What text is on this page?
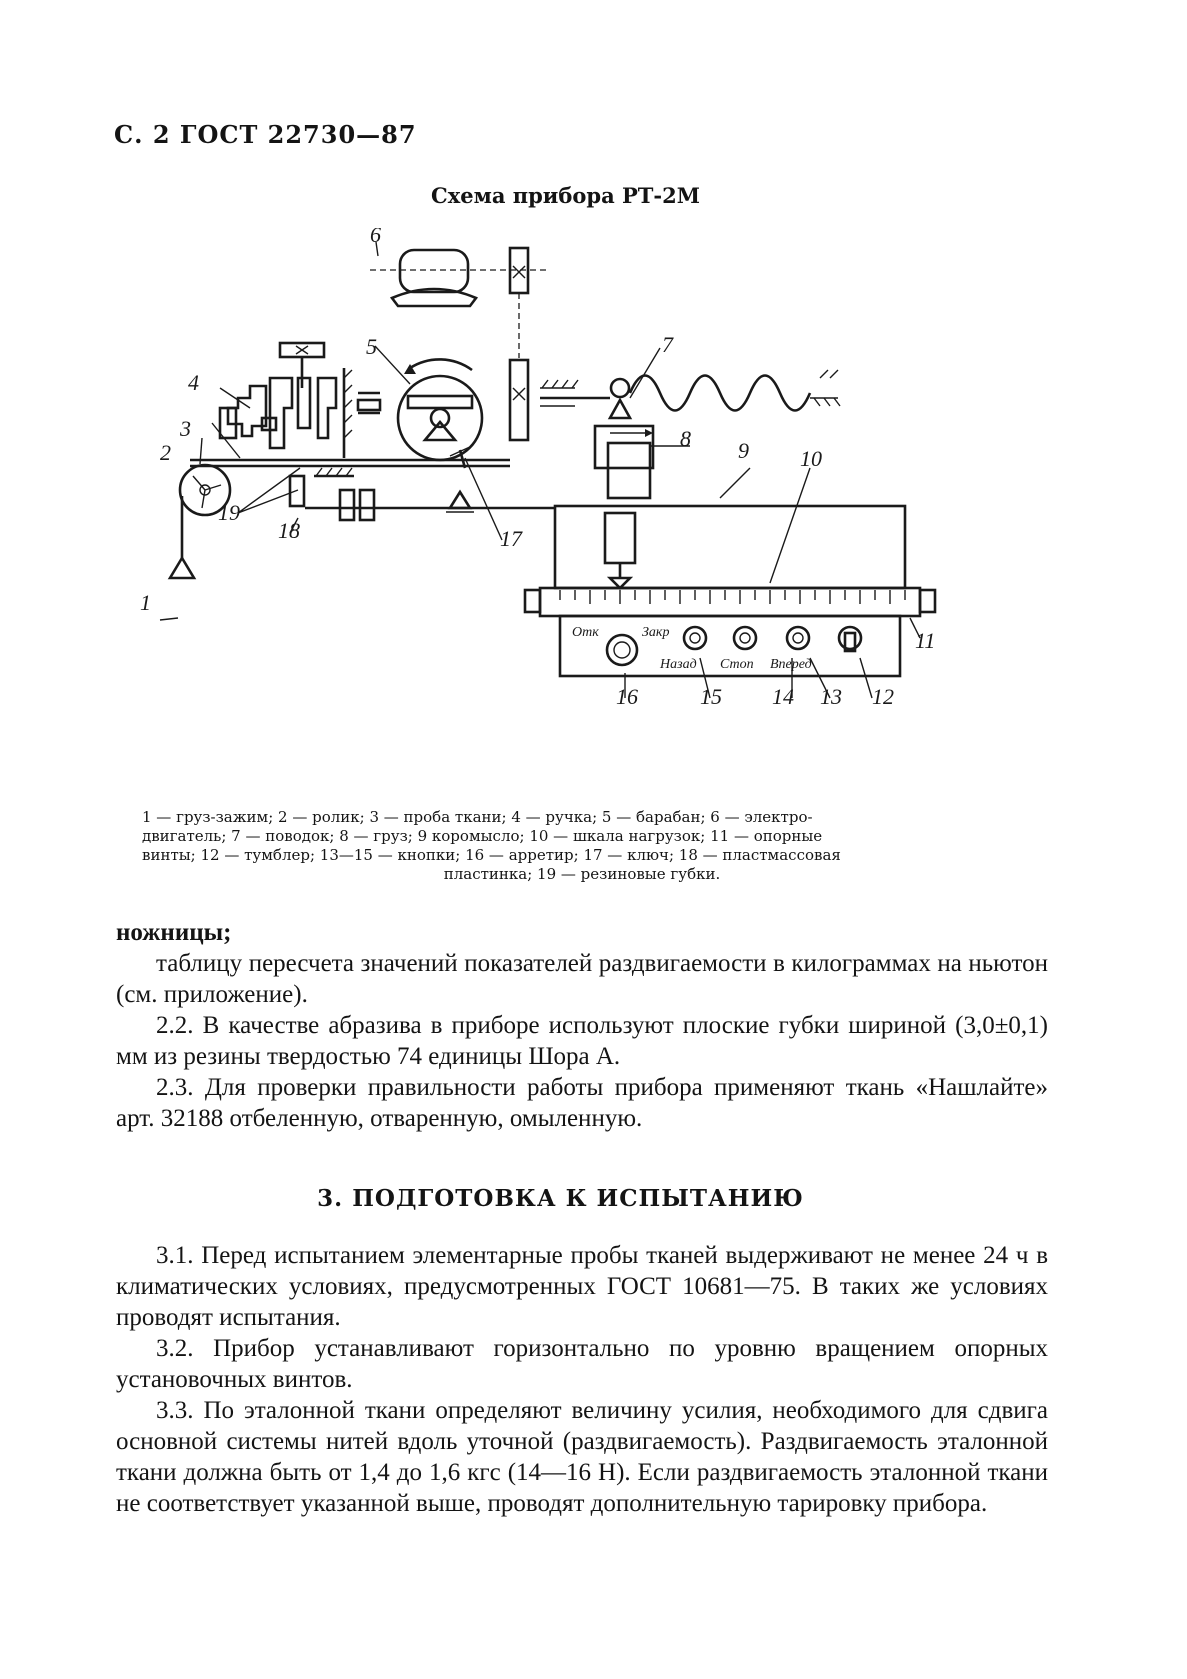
С. 2 ГОСТ 22730—87
Схема прибора РТ-2М
Отк	Закр
Назад Стоп Вперед
1
2
3
4
5
6
7
8 9 10
11
12
13
14
15
16
17
18
19
1 — груз-зажим; 2 — ролик; 3 — проба ткани; 4 — ручка; 5 — барабан; 6 — электро-
двигатель; 7 — поводок; 8 — груз; 9 коромысло; 10 — шкала нагрузок; 11 — опорные
винты; 12 — тумблер; 13—15 — кнопки; 16 — арретир; 17 — ключ; 18 — пластмассовая
пластинка; 19 — резиновые губки.
ножницы;
таблицу пересчета значений показателей раздвигаемости в килограммах на ньютон (см. приложение).
2.2. В качестве абразива в приборе используют плоские губки шириной (3,0±0,1) мм из резины твердостью 74 единицы Шора А.
2.3. Для проверки правильности работы прибора применяют ткань «Нашлайте» арт. 32188 отбеленную, отваренную, омыленную.
3. ПОДГОТОВКА К ИСПЫТАНИЮ
3.1. Перед испытанием элементарные пробы тканей выдерживают не менее 24 ч в климатических условиях, предусмотренных ГОСТ 10681—75. В таких же условиях проводят испытания.
3.2. Прибор устанавливают горизонтально по уровню вращением опорных установочных винтов.
3.3. По эталонной ткани определяют величину усилия, необходимого для сдвига основной системы нитей вдоль уточной (раздвигаемость). Раздвигаемость эталонной ткани должна быть от 1,4 до 1,6 кгс (14—16 Н). Если раздвигаемость эталонной ткани не соответствует указанной выше, проводят дополнительную тарировку прибора.
